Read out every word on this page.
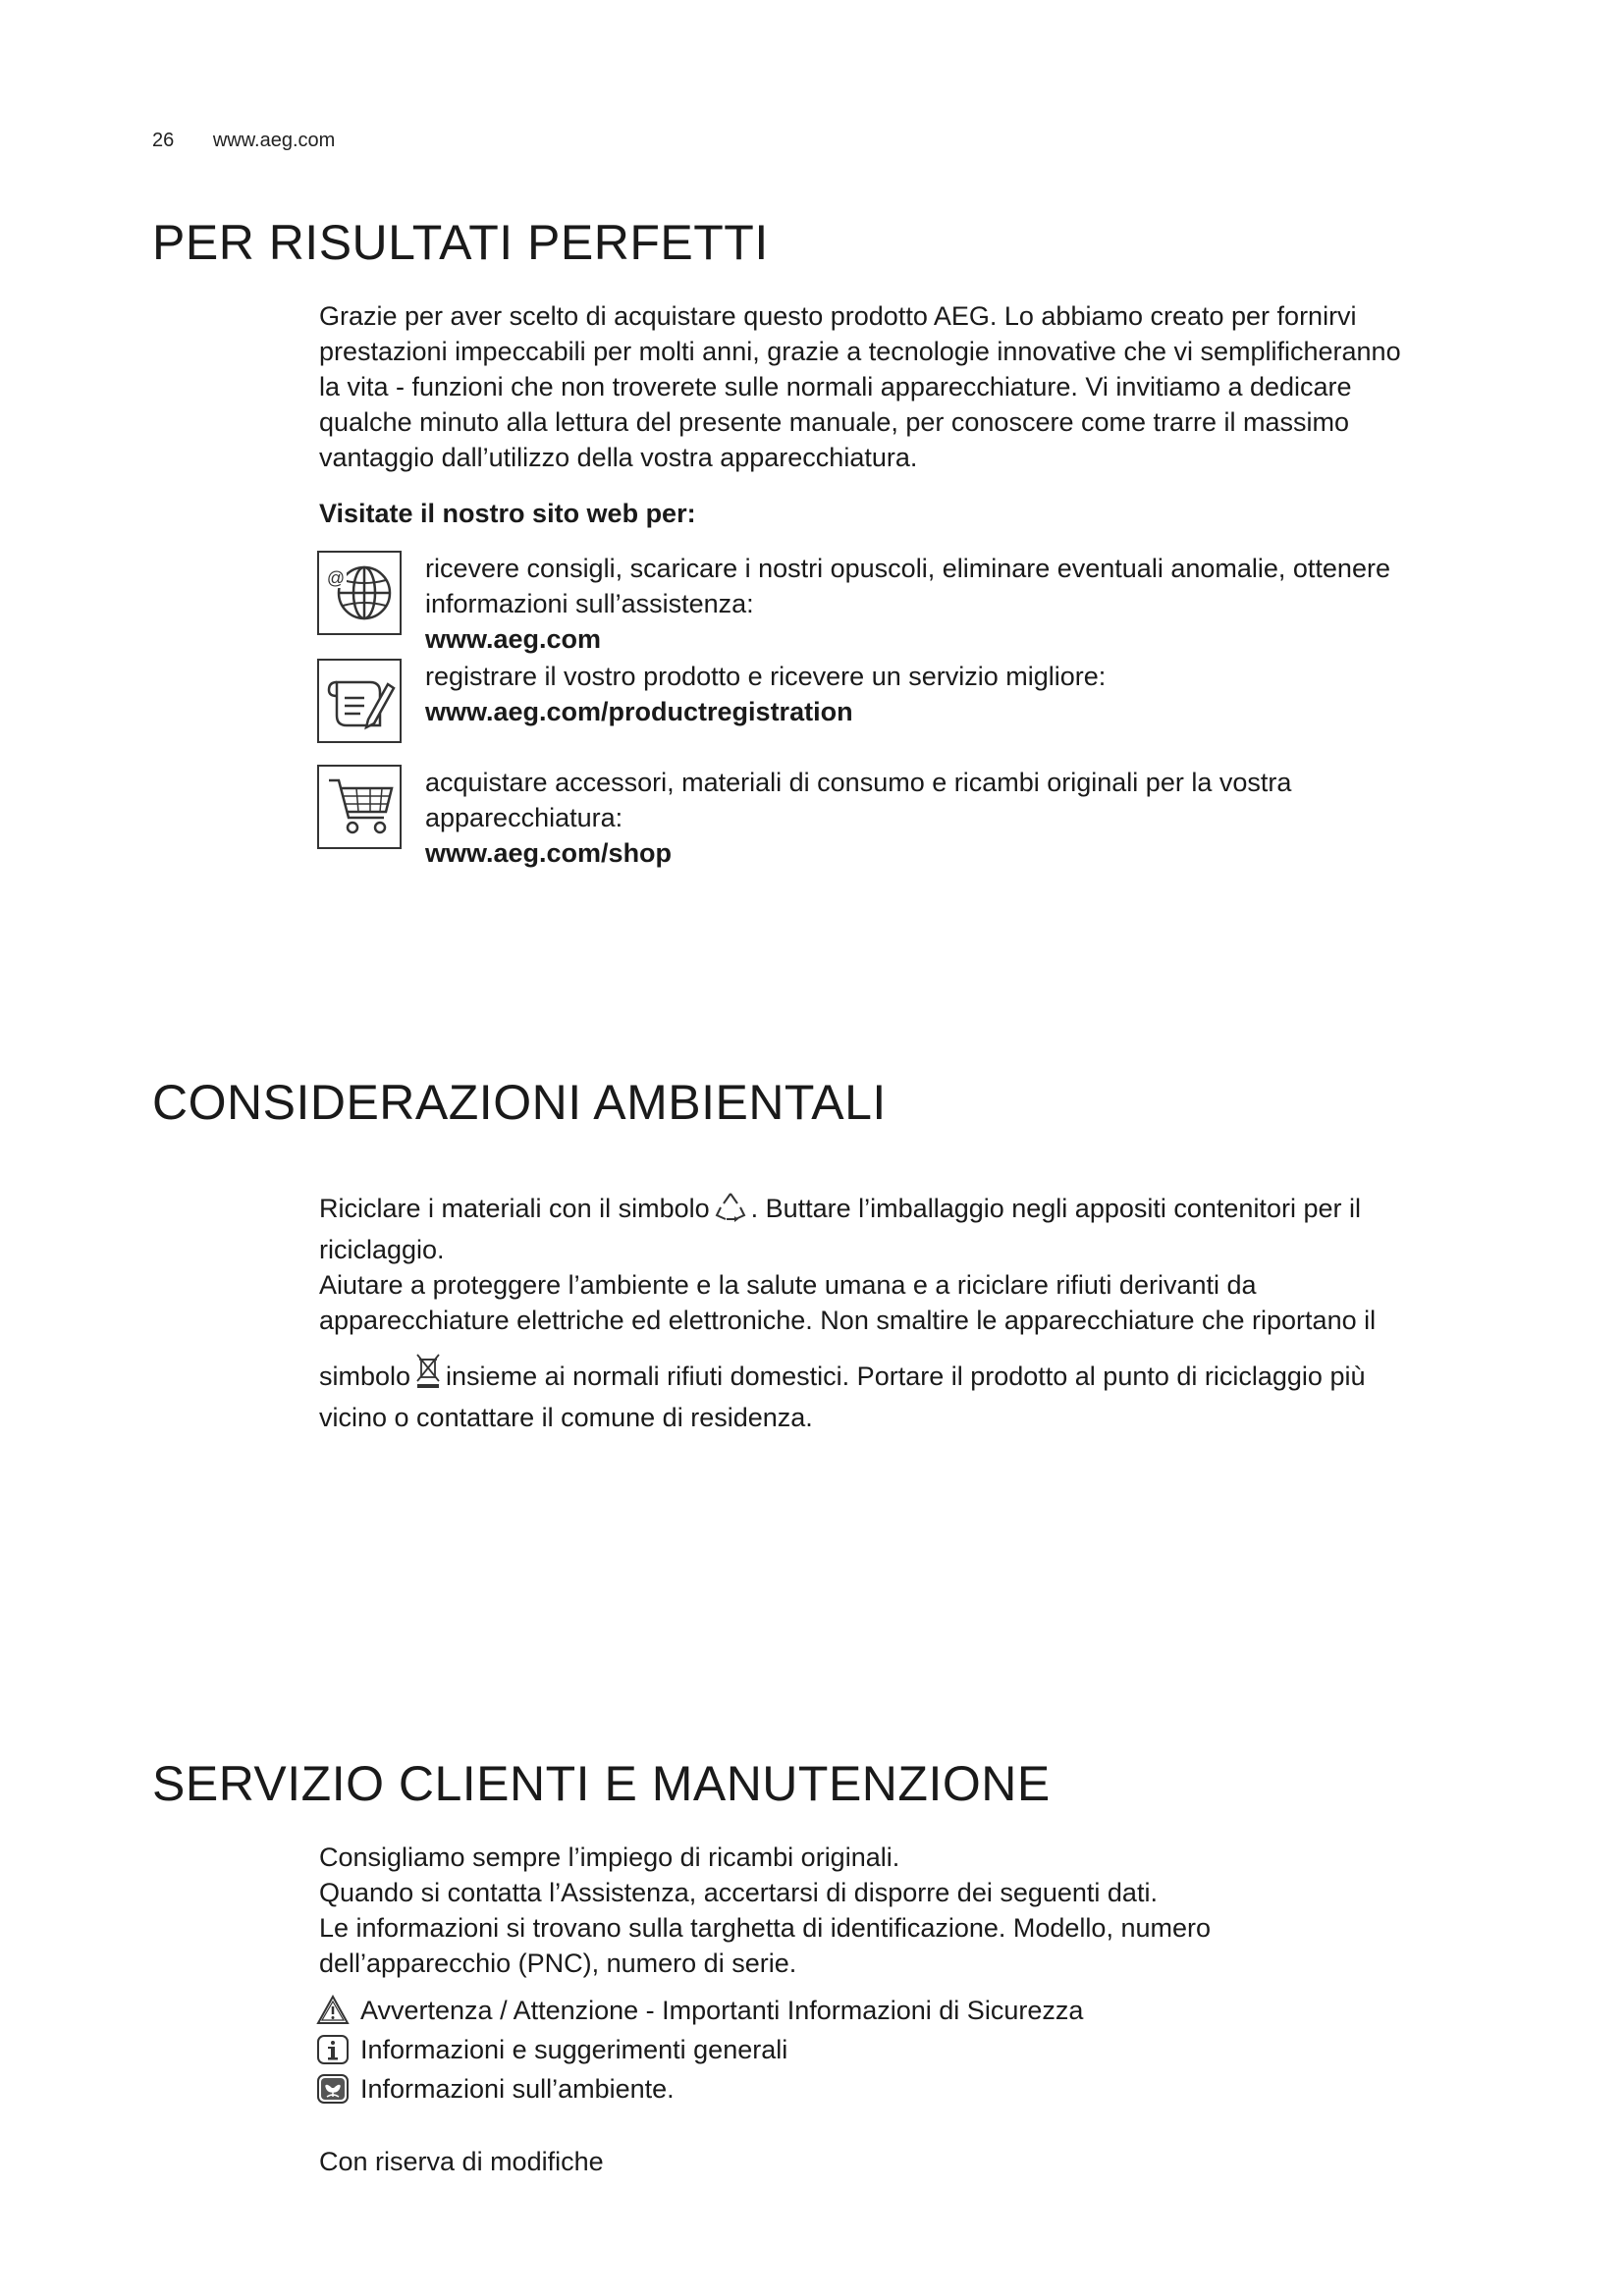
26 www.aeg.com
PER RISULTATI PERFETTI

Grazie per aver scelto di acquistare questo prodotto AEG. Lo abbiamo creato per fornirvi

prestazioni impeccabili per molti anni, grazie a tecnologie innovative che vi semplificheranno

la vita - funzioni che non troverete sulle normali apparecchiature. Vi invitiamo a dedicare

qualche minuto alla lettura del presente manuale, per conoscere come trarre il massimo

vantaggio dall’utilizzo della vostra apparecchiatura.

Visitate il nostro sito web per:
@	ricevere consigli, scaricare i nostri opuscoli, eliminare eventuali anomalie, ottenere
informazioni sull’assistenza:
www.aeg.com
registrare il vostro prodotto e ricevere un servizio migliore:
www.aeg.com/productregistration
acquistare accessori, materiali di consumo e ricambi originali per la vostra
apparecchiatura:
www.aeg.com/shop
CONSIDERAZIONI AMBIENTALI

Riciclare i materiali con il simbolo . Buttare l’imballaggio negli appositi contenitori per il

riciclaggio.

Aiutare a proteggere l’ambiente e la salute umana e a riciclare rifiuti derivanti da

apparecchiature elettriche ed elettroniche. Non smaltire le apparecchiature che riportano il

simbolo insieme ai normali rifiuti domestici. Portare il prodotto al punto di riciclaggio più

vicino o contattare il comune di residenza.

SERVIZIO CLIENTI E MANUTENZIONE

Consigliamo sempre l’impiego di ricambi originali.

Quando si contatta l’Assistenza, accertarsi di disporre dei seguenti dati.

Le informazioni si trovano sulla targhetta di identificazione. Modello, numero

dell’apparecchio (PNC), numero di serie.

Avvertenza / Attenzione - Importanti Informazioni di Sicurezza
Informazioni e suggerimenti generali
Informazioni sull’ambiente.
Con riserva di modifiche
